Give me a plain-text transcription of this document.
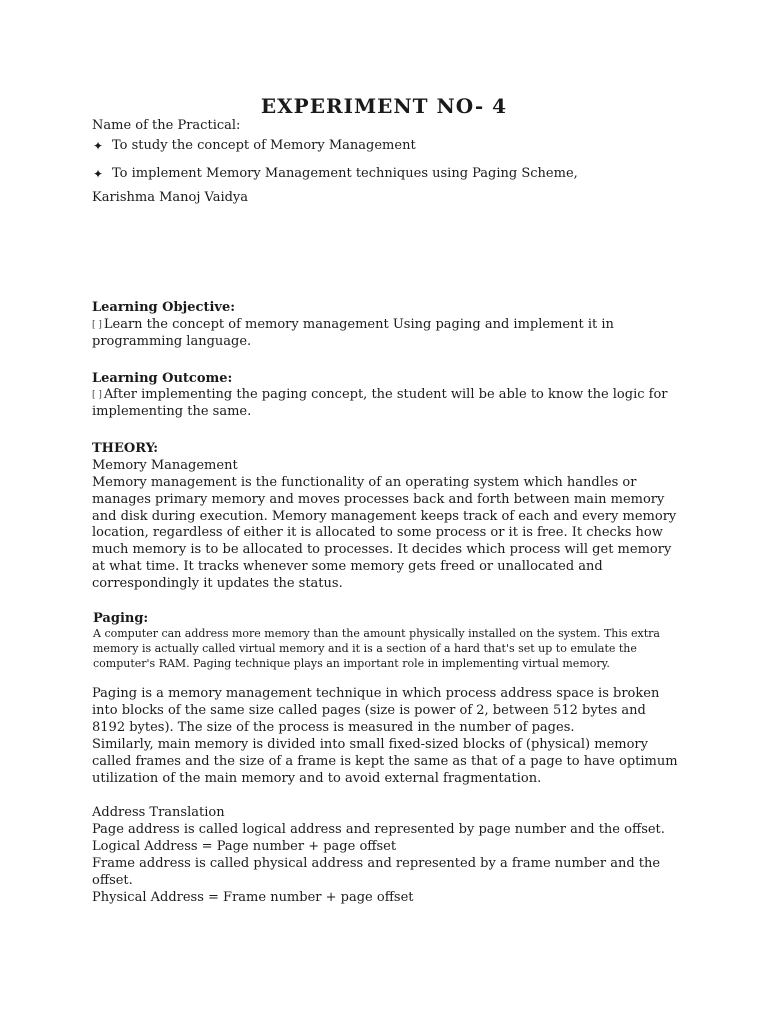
EXPERIMENT NO- 4
Name of the Practical:
✦ To study the concept of Memory Management
✦ To implement Memory Management techniques using Paging Scheme,
Karishma Manoj Vaidya
Learning Objective:
[ ] Learn the concept of memory management Using paging and implement it in programming language.
Learning Outcome:
[ ] After implementing the paging concept, the student will be able to know the logic for implementing the same.
THEORY:
Memory Management
Memory management is the functionality of an operating system which handles or manages primary memory and moves processes back and forth between main memory and disk during execution. Memory management keeps track of each and every memory location, regardless of either it is allocated to some process or it is free. It checks how much memory is to be allocated to processes. It decides which process will get memory at what time. It tracks whenever some memory gets freed or unallocated and correspondingly it updates the status.
Paging:
A computer can address more memory than the amount physically installed on the system. This extra memory is actually called virtual memory and it is a section of a hard that's set up to emulate the computer's RAM. Paging technique plays an important role in implementing virtual memory.
Paging is a memory management technique in which process address space is broken into blocks of the same size called pages (size is power of 2, between 512 bytes and 8192 bytes). The size of the process is measured in the number of pages.
Similarly, main memory is divided into small fixed-sized blocks of (physical) memory called frames and the size of a frame is kept the same as that of a page to have optimum utilization of the main memory and to avoid external fragmentation.
Address Translation
Page address is called logical address and represented by page number and the offset.
Logical Address = Page number + page offset
Frame address is called physical address and represented by a frame number and the offset.
Physical Address = Frame number + page offset
